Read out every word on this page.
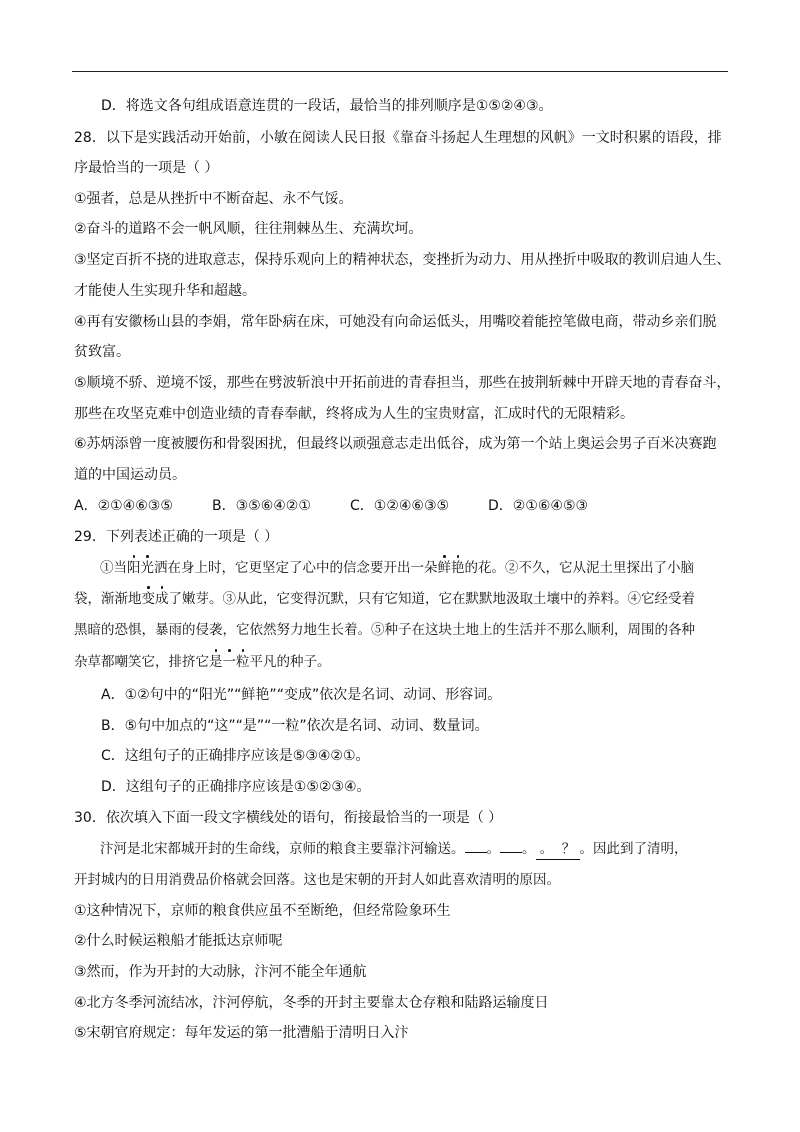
D．将选文各句组成语意连贯的一段话，最恰当的排列顺序是①⑤②④③。
28．以下是实践活动开始前，小敏在阅读人民日报《靠奋斗扬起人生理想的风帆》一文时积累的语段，排
序最恰当的一项是（ ）
①强者，总是从挫折中不断奋起、永不气馁。
②奋斗的道路不会一帆风顺，往往荆棘丛生、充满坎坷。
③坚定百折不挠的进取意志，保持乐观向上的精神状态，变挫折为动力、用从挫折中吸取的教训启迪人生、
才能使人生实现升华和超越。
④再有安徽杨山县的李娟，常年卧病在床，可她没有向命运低头，用嘴咬着能控笔做电商，带动乡亲们脱
贫致富。
⑤顺境不骄、逆境不馁，那些在劈波斩浪中开拓前进的青春担当，那些在披荆斩棘中开辟天地的青春奋斗，
那些在攻坚克难中创造业绩的青春奉献，终将成为人生的宝贵财富，汇成时代的无限精彩。
⑥苏炳添曾一度被腰伤和骨裂困扰，但最终以顽强意志走出低谷，成为第一个站上奥运会男子百米决赛跑
道的中国运动员。
A．②①④⑥③⑤	B．③⑤⑥④②①	C．①②④⑥③⑤	D．②①⑥④⑤③
29．下列表述正确的一项是（ ）
①当阳光洒在身上时，它更坚定了心中的信念要开出一朵鲜艳的花。②不久，它从泥土里探出了小脑
袋，渐渐地变成了嫩芽。③从此，它变得沉默，只有它知道，它在默默地汲取土壤中的养料。④它经受着
黑暗的恐惧，暴雨的侵袭，它依然努力地生长着。⑤种子在这块土地上的生活并不那么顺利，周围的各种
杂草都嘲笑它，排挤它是一粒平凡的种子。
A．①②句中的“阳光”“鲜艳”“变成”依次是名词、动词、形容词。
B．⑤句中加点的“这”“是”“一粒”依次是名词、动词、数量词。
C．这组句子的正确排序应该是⑤③④②①。
D．这组句子的正确排序应该是①⑤②③④。
30．依次填入下面一段文字横线处的语句，衔接最恰当的一项是（ ）
汴河是北宋都城开封的生命线，京师的粮食主要靠汴河输送。 。 。 。 ？ 。因此到了清明，
开封城内的日用消费品价格就会回落。这也是宋朝的开封人如此喜欢清明的原因。
①这种情况下，京师的粮食供应虽不至断绝，但经常险象环生
②什么时候运粮船才能抵达京师呢
③然而，作为开封的大动脉，汴河不能全年通航
④北方冬季河流结冰，汴河停航，冬季的开封主要靠太仓存粮和陆路运输度日
⑤宋朝官府规定：每年发运的第一批漕船于清明日入汴
